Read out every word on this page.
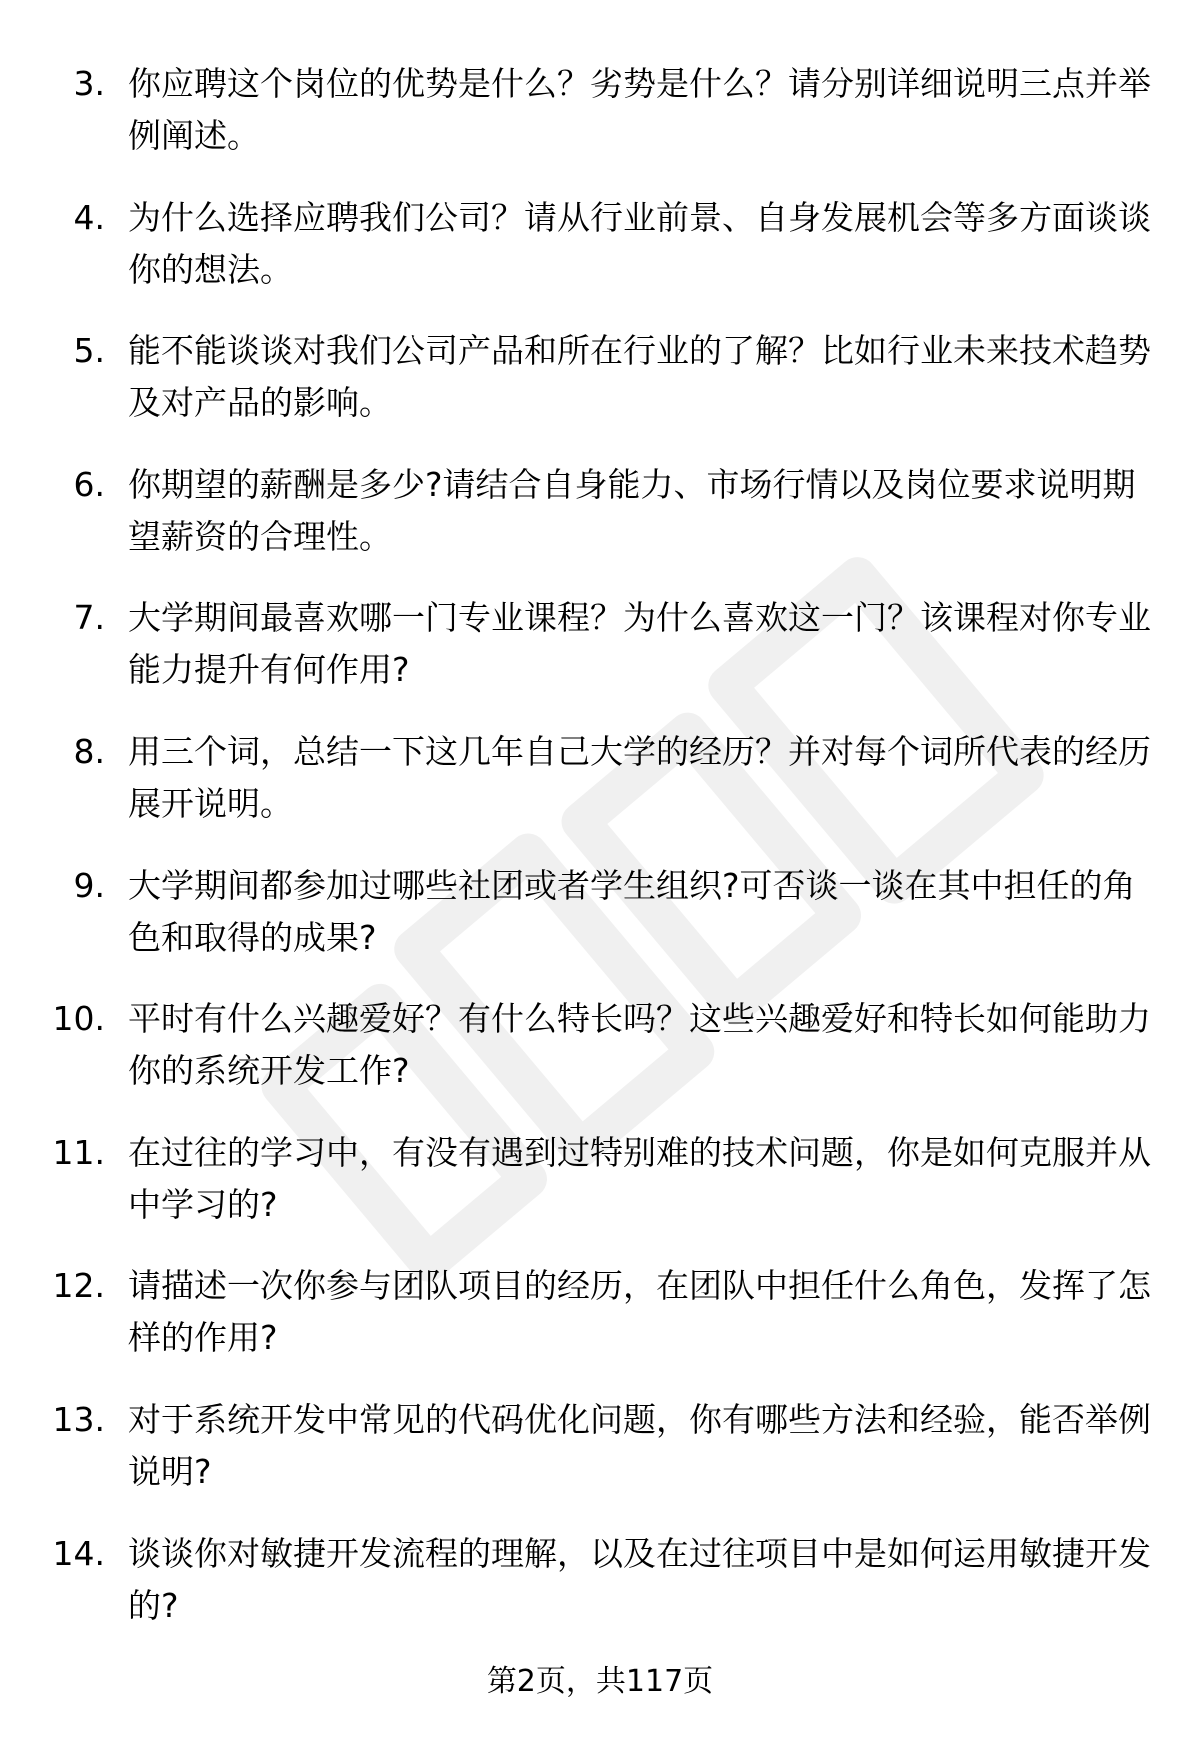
3. 你应聘这个岗位的优势是什么？劣势是什么？请分别详细说明三点并举例阐述。
4. 为什么选择应聘我们公司？请从行业前景、自身发展机会等多方面谈谈你的想法。
5. 能不能谈谈对我们公司产品和所在行业的了解？比如行业未来技术趋势及对产品的影响。
6. 你期望的薪酬是多少?请结合自身能力、市场行情以及岗位要求说明期望薪资的合理性。
7. 大学期间最喜欢哪一门专业课程？为什么喜欢这一门？该课程对你专业能力提升有何作用?
8. 用三个词，总结一下这几年自己大学的经历？并对每个词所代表的经历展开说明。
9. 大学期间都参加过哪些社团或者学生组织?可否谈一谈在其中担任的角色和取得的成果?
10. 平时有什么兴趣爱好？有什么特长吗？这些兴趣爱好和特长如何能助力你的系统开发工作?
11. 在过往的学习中，有没有遇到过特别难的技术问题，你是如何克服并从中学习的?
12. 请描述一次你参与团队项目的经历，在团队中担任什么角色，发挥了怎样的作用?
13. 对于系统开发中常见的代码优化问题，你有哪些方法和经验，能否举例说明?
14. 谈谈你对敏捷开发流程的理解，以及在过往项目中是如何运用敏捷开发的?
第2页，共117页
